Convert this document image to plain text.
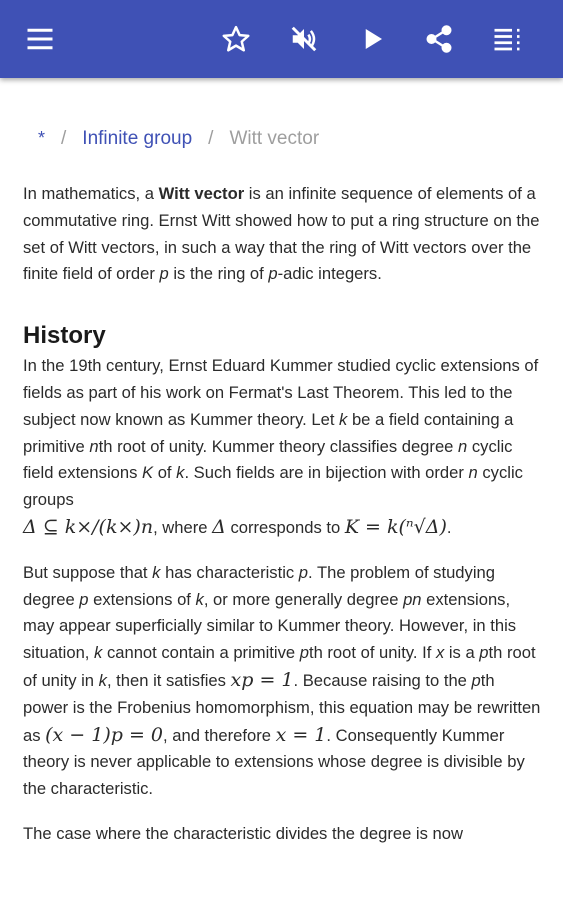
* / Infinite group / Witt vector

In mathematics, a Witt vector is an infinite sequence of elements of a commutative ring. Ernst Witt showed how to put a ring structure on the set of Witt vectors, in such a way that the ring of Witt vectors over the finite field of order p is the ring of p-adic integers.

History

In the 19th century, Ernst Eduard Kummer studied cyclic extensions of fields as part of his work on Fermat's Last Theorem. This led to the subject now known as Kummer theory. Let k be a field containing a primitive nth root of unity. Kummer theory classifies degree n cyclic field extensions K of k. Such fields are in bijection with order n cyclic groups
Δ ⊆ k×/(k×)n, where Δ corresponds to K = k(ⁿ√Δ).

But suppose that k has characteristic p. The problem of studying degree p extensions of k, or more generally degree pn extensions, may appear superficially similar to Kummer theory. However, in this situation, k cannot contain a primitive pth root of unity. If x is a pth root of unity in k, then it satisfies xp = 1. Because raising to the pth power is the Frobenius homomorphism, this equation may be rewritten as (x − 1)p = 0, and therefore x = 1. Consequently Kummer theory is never applicable to extensions whose degree is divisible by the characteristic.

The case where the characteristic divides the degree is now
